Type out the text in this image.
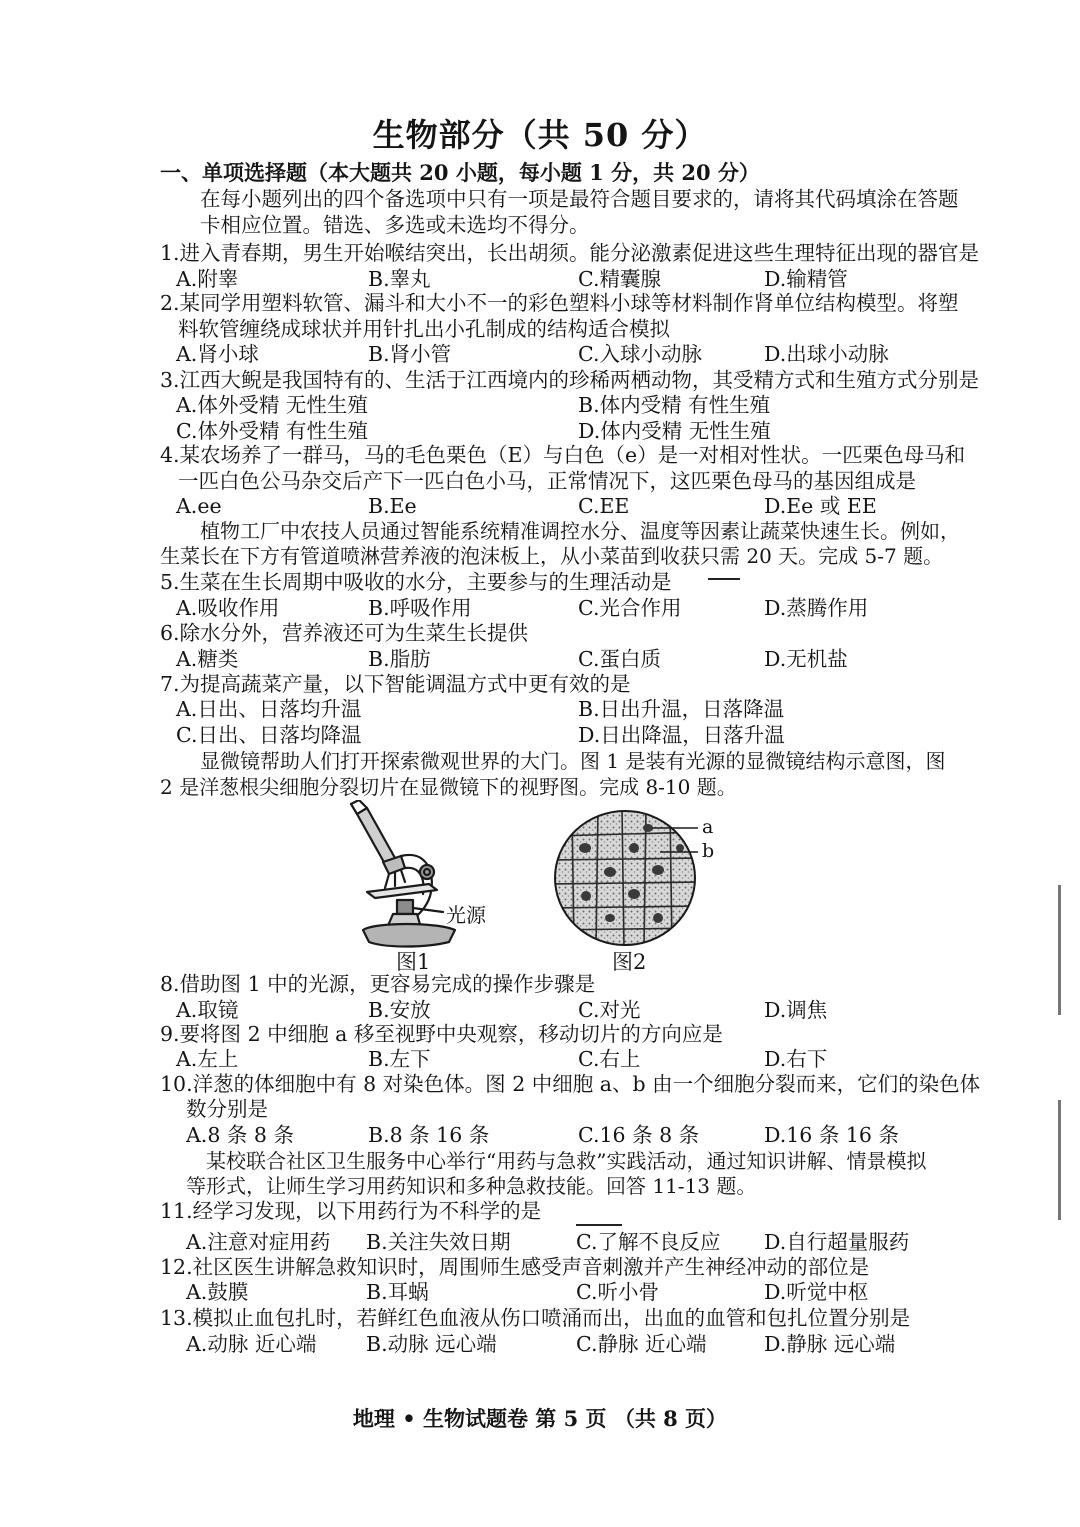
生物部分（共 50 分）
一、单项选择题（本大题共 20 小题，每小题 1 分，共 20 分）
在每小题列出的四个备选项中只有一项是最符合题目要求的，请将其代码填涂在答题
卡相应位置。错选、多选或未选均不得分。
1.进入青春期，男生开始喉结突出，长出胡须。能分泌激素促进这些生理特征出现的器官是
A.附睾	B.睾丸	C.精囊腺	D.输精管
2.某同学用塑料软管、漏斗和大小不一的彩色塑料小球等材料制作肾单位结构模型。将塑
料软管缠绕成球状并用针扎出小孔制成的结构适合模拟
A.肾小球	B.肾小管	C.入球小动脉	D.出球小动脉
3.江西大鲵是我国特有的、生活于江西境内的珍稀两栖动物，其受精方式和生殖方式分别是
A.体外受精 无性生殖	B.体内受精 有性生殖
C.体外受精 有性生殖	D.体内受精 无性生殖
4.某农场养了一群马，马的毛色栗色（E）与白色（e）是一对相对性状。一匹栗色母马和
一匹白色公马杂交后产下一匹白色小马，正常情况下，这匹栗色母马的基因组成是
A.ee	B.Ee	C.EE	D.Ee 或 EE
植物工厂中农技人员通过智能系统精准调控水分、温度等因素让蔬菜快速生长。例如，
生菜长在下方有管道喷淋营养液的泡沫板上，从小菜苗到收获只需 20 天。完成 5-7 题。
5.生菜在生长周期中吸收的水分，主要参与的生理活动是
A.吸收作用	B.呼吸作用	C.光合作用	D.蒸腾作用
6.除水分外，营养液还可为生菜生长提供
A.糖类	B.脂肪	C.蛋白质	D.无机盐
7.为提高蔬菜产量，以下智能调温方式中更有效的是
A.日出、日落均升温	B.日出升温，日落降温
C.日出、日落均降温	D.日出降温，日落升温
显微镜帮助人们打开探索微观世界的大门。图 1 是装有光源的显微镜结构示意图，图
2 是洋葱根尖细胞分裂切片在显微镜下的视野图。完成 8-10 题。
光源
图1
a
b
图2
8.借助图 1 中的光源，更容易完成的操作步骤是
A.取镜	B.安放	C.对光	D.调焦
9.要将图 2 中细胞 a 移至视野中央观察，移动切片的方向应是
A.左上	B.左下	C.右上	D.右下
10.洋葱的体细胞中有 8 对染色体。图 2 中细胞 a、b 由一个细胞分裂而来，它们的染色体
数分别是
A.8 条 8 条	B.8 条 16 条	C.16 条 8 条	D.16 条 16 条
某校联合社区卫生服务中心举行“用药与急救”实践活动，通过知识讲解、情景模拟
等形式，让师生学习用药知识和多种急救技能。回答 11-13 题。
11.经学习发现，以下用药行为不科学的是
A.注意对症用药 B.关注失效日期	C.了解不良反应 D.自行超量服药
12.社区医生讲解急救知识时，周围师生感受声音刺激并产生神经冲动的部位是
A.鼓膜	B.耳蜗	C.听小骨	D.听觉中枢
13.模拟止血包扎时，若鲜红色血液从伤口喷涌而出，出血的血管和包扎位置分别是
A.动脉 近心端 B.动脉 远心端	C.静脉 近心端	D.静脉 远心端
地理 • 生物试题卷 第 5 页 （共 8 页）
